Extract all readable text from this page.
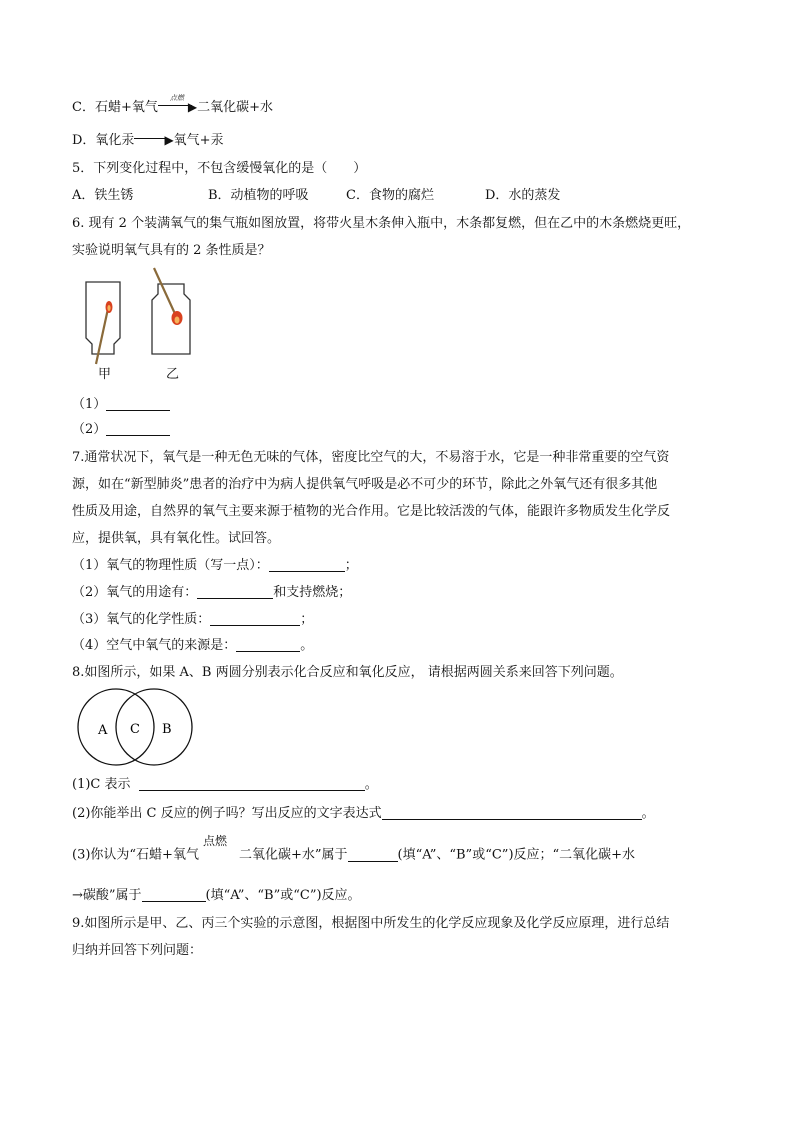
C．石蜡+氧气
点燃
▶二氧化碳+水
D．氧化汞	▶氧气+汞
5．下列变化过程中，不包含缓慢氧化的是（　　）
A．铁生锈	B．动植物的呼吸	C．食物的腐烂	D．水的蒸发
6. 现有 2 个装满氧气的集气瓶如图放置，将带火星木条伸入瓶中，木条都复燃，但在乙中的木条燃烧更旺，
实验说明氧气具有的 2 条性质是？
甲	乙
（1）
（2）
7.通常状况下，氧气是一种无色无味的气体，密度比空气的大，不易溶于水，它是一种非常重要的空气资
源，如在“新型肺炎”患者的治疗中为病人提供氧气呼吸是必不可少的环节，除此之外氧气还有很多其他
性质及用途，自然界的氧气主要来源于植物的光合作用。它是比较活泼的气体，能跟许多物质发生化学反
应，提供氧，具有氧化性。试回答。
（1）氧气的物理性质（写一点）：	；
（2）氧气的用途有：	和支持燃烧；
（3）氧气的化学性质：	；
（4）空气中氧气的来源是：	。
8.如图所示，如果 A、B 两圆分别表示化合反应和氧化反应， 请根据两圆关系来回答下列问题。
A C B
(1)C 表示	。
(2)你能举出 C 反应的例子吗？写出反应的文字表达式	。
(3)你认为“石蜡+氧气
点燃
二氧化碳+水”属于	(填“A”、“B”或“C”)反应；“二氧化碳+水
→碳酸”属于	(填“A”、“B”或“C”)反应。
9.如图所示是甲、乙、丙三个实验的示意图，根据图中所发生的化学反应现象及化学反应原理，进行总结
归纳并回答下列问题：
